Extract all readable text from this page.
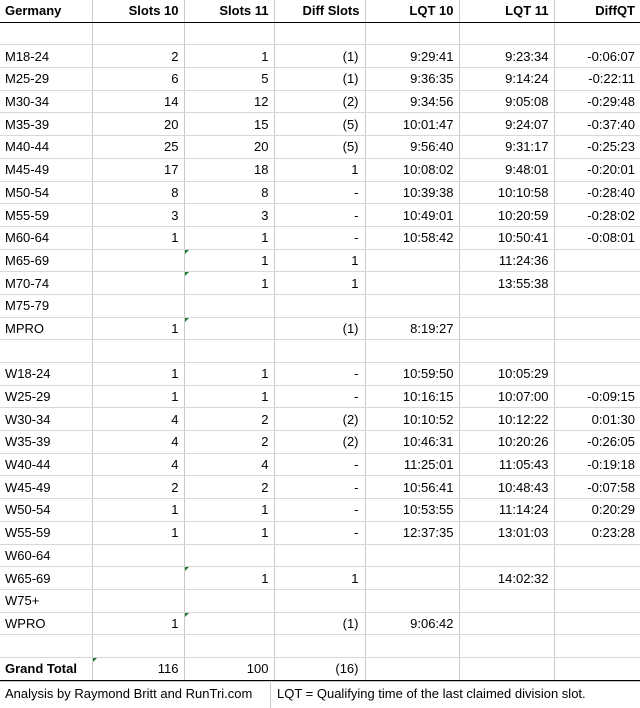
Germany	Slots 10	Slots 11	Diff Slots	LQT 10	LQT 11	DiffQT

M18-24	2	1	(1)	9:29:41	9:23:34	-0:06:07
M25-29	6	5	(1)	9:36:35	9:14:24	-0:22:11
M30-34	14	12	(2)	9:34:56	9:05:08	-0:29:48
M35-39	20	15	(5)	10:01:47	9:24:07	-0:37:40
M40-44	25	20	(5)	9:56:40	9:31:17	-0:25:23
M45-49	17	18	1	10:08:02	9:48:01	-0:20:01
M50-54	8	8	-	10:39:38	10:10:58	-0:28:40
M55-59	3	3	-	10:49:01	10:20:59	-0:28:02
M60-64	1	1	-	10:58:42	10:50:41	-0:08:01
M65-69		1	1		11:24:36	
M70-74		1	1		13:55:38	
M75-79						
MPRO	1		(1)	8:19:27		

W18-24	1	1	-	10:59:50	10:05:29	
W25-29	1	1	-	10:16:15	10:07:00	-0:09:15
W30-34	4	2	(2)	10:10:52	10:12:22	0:01:30
W35-39	4	2	(2)	10:46:31	10:20:26	-0:26:05
W40-44	4	4	-	11:25:01	11:05:43	-0:19:18
W45-49	2	2	-	10:56:41	10:48:43	-0:07:58
W50-54	1	1	-	10:53:55	11:14:24	0:20:29
W55-59	1	1	-	12:37:35	13:01:03	0:23:28
W60-64						
W65-69		1	1		14:02:32	
W75+						
WPRO	1		(1)	9:06:42		

Grand Total	116	100	(16)			
Analysis by Raymond Britt and RunTri.com	LQT = Qualifying time of the last claimed division slot.
